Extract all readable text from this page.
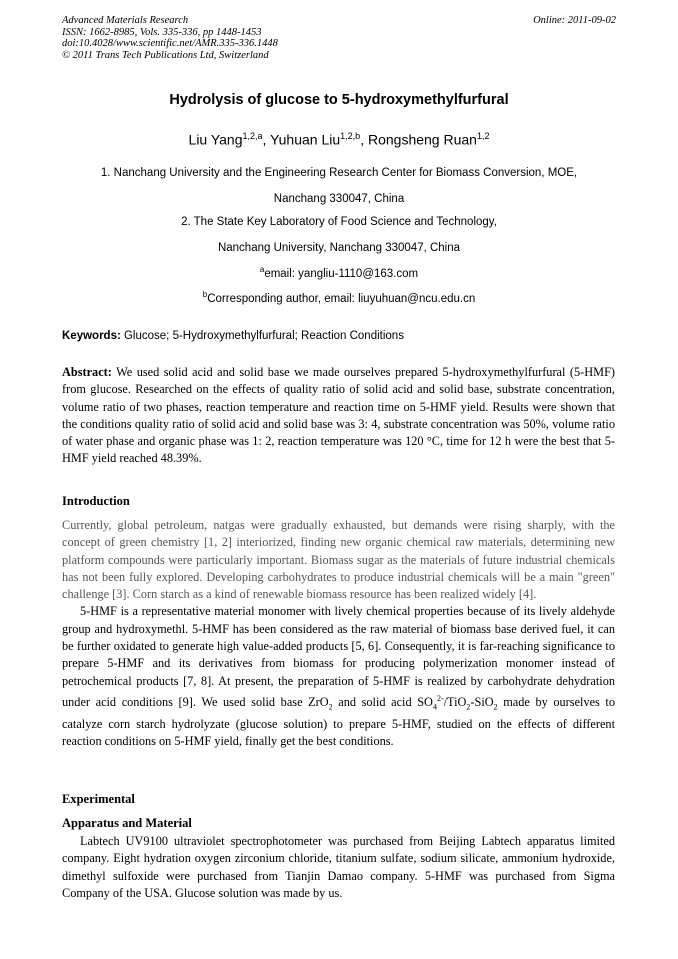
Advanced Materials Research
ISSN: 1662-8985, Vols. 335-336, pp 1448-1453
doi:10.4028/www.scientific.net/AMR.335-336.1448
© 2011 Trans Tech Publications Ltd, Switzerland
Online: 2011-09-02
Hydrolysis of glucose to 5-hydroxymethylfurfural
Liu Yang$^{1,2,a}$, Yuhuan Liu$^{1,2,b}$, Rongsheng Ruan$^{1,2}$
1. Nanchang University and the Engineering Research Center for Biomass Conversion, MOE,
Nanchang 330047, China
2. The State Key Laboratory of Food Science and Technology,
Nanchang University, Nanchang 330047, China
$^a$email: yangliu-1110@163.com
$^b$Corresponding author, email: liuyuhuan@ncu.edu.cn
Keywords: Glucose; 5-Hydroxymethylfurfural; Reaction Conditions

Abstract: We used solid acid and solid base we made ourselves prepared 5-hydroxymethylfurfural (5-HMF) from glucose. Researched on the effects of quality ratio of solid acid and solid base, substrate concentration, volume ratio of two phases, reaction temperature and reaction time on 5-HMF yield. Results were shown that the conditions quality ratio of solid acid and solid base was 3: 4, substrate concentration was 50%, volume ratio of water phase and organic phase was 1: 2, reaction temperature was 120 °C, time for 12 h were the best that 5-HMF yield reached 48.39%.

Introduction

Currently, global petroleum, natgas were gradually exhausted, but demands were rising sharply, with the concept of green chemistry [1, 2] interiorized, finding new organic chemical raw materials, determining new platform compounds were particularly important. Biomass sugar as the materials of future industrial chemicals has not been fully explored. Developing carbohydrates to produce industrial chemicals will be a main "green" challenge [3]. Corn starch as a kind of renewable biomass resource has been realized widely [4].

5-HMF is a representative material monomer with lively chemical properties because of its lively aldehyde group and hydroxymethl. 5-HMF has been considered as the raw material of biomass base derived fuel, it can be further oxidated to generate high value-added products [5, 6]. Consequently, it is far-reaching significance to prepare 5-HMF and its derivatives from biomass for producing polymerization monomer instead of petrochemical products [7, 8]. At present, the preparation of 5-HMF is realized by carbohydrate dehydration under acid conditions [9]. We used solid base ZrO$_2$ and solid acid $SO_4^{2-}/TiO_2-SiO_2$ made by ourselves to catalyze corn starch hydrolyzate (glucose solution) to prepare 5-HMF, studied on the effects of different reaction conditions on 5-HMF yield, finally get the best conditions.

Experimental
Apparatus and Material

Labtech UV9100 ultraviolet spectrophotometer was purchased from Beijing Labtech apparatus limited company. Eight hydration oxygen zirconium chloride, titanium sulfate, sodium silicate, ammonium hydroxide, dimethyl sulfoxide were purchased from Tianjin Damao company. 5-HMF was purchased from Sigma Company of the USA. Glucose solution was made by us.
